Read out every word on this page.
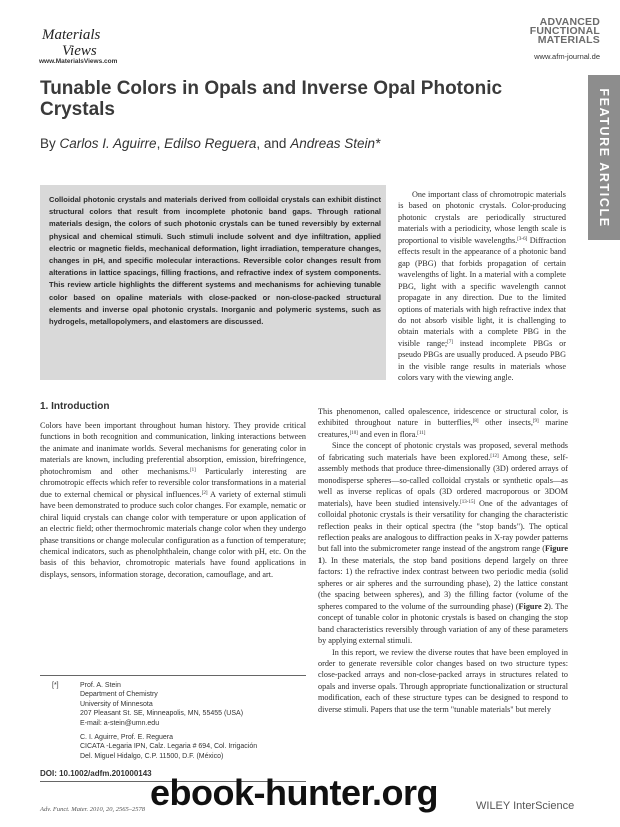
Materials
Views
www.MaterialsViews.com
ADVANCED
FUNCTIONAL
MATERIALS
www.afm-journal.de
FEATURE ARTICLE
Tunable Colors in Opals and Inverse Opal Photonic Crystals
By Carlos I. Aguirre, Edilso Reguera, and Andreas Stein*
Colloidal photonic crystals and materials derived from colloidal crystals can exhibit distinct structural colors that result from incomplete photonic band gaps. Through rational materials design, the colors of such photonic crystals can be tuned reversibly by external physical and chemical stimuli. Such stimuli include solvent and dye infiltration, applied electric or magnetic fields, mechanical deformation, light irradiation, temperature changes, changes in pH, and specific molecular interactions. Reversible color changes result from alterations in lattice spacings, filling fractions, and refractive index of system components. This review article highlights the different systems and mechanisms for achieving tunable color based on opaline materials with close-packed or non-close-packed structural elements and inverse opal photonic crystals. Inorganic and polymeric systems, such as hydrogels, metallopolymers, and elastomers are discussed.
One important class of chromotropic materials is based on photonic crystals. Color-producing photonic crystals are periodically structured materials with a periodicity, whose length scale is proportional to visible wavelengths.[3-6] Diffraction effects result in the appearance of a photonic band gap (PBG) that forbids propagation of certain wavelengths of light. In a material with a complete PBG, light with a specific wavelength cannot propagate in any direction. Due to the limited options of materials with high refractive index that do not absorb visible light, it is challenging to obtain materials with a complete PBG in the visible range;[7] instead incomplete PBGs or pseudo PBGs are usually produced. A pseudo PBG in the visible range results in materials whose colors vary with the viewing angle.
1. Introduction
Colors have been important throughout human history. They provide critical functions in both recognition and communication, linking interactions between the animate and inanimate worlds. Several mechanisms for generating color in materials are known, including preferential absorption, emission, birefringence, photochromism and other mechanisms.[1] Particularly interesting are chromotropic effects which refer to reversible color transformations in a material due to external chemical or physical influences.[2] A variety of external stimuli have been demonstrated to produce such color changes. For example, nematic or chiral liquid crystals can change color with temperature or upon application of an electric field; other thermochromic materials change color when they undergo phase transitions or change molecular configuration as a function of temperature; chemical indicators, such as phenolphthalein, change color with pH, etc. On the basis of this behavior, chromotropic materials have found applications in displays, sensors, information storage, decoration, camouflage, and art.
This phenomenon, called opalescence, iridescence or structural color, is exhibited throughout nature in butterflies,[8] other insects,[9] marine creatures,[10] and even in flora.[11]
Since the concept of photonic crystals was proposed, several methods of fabricating such materials have been explored.[12] Among these, self-assembly methods that produce three-dimensionally (3D) ordered arrays of monodisperse spheres—so-called colloidal crystals or synthetic opals—as well as inverse replicas of opals (3D ordered macroporous or 3DOM materials), have been studied intensively.[13-15] One of the advantages of colloidal photonic crystals is their versatility for changing the characteristic reflection peaks in their optical spectra (the "stop bands"). The optical reflection peaks are analogous to diffraction peaks in X-ray powder patterns but fall into the submicrometer range instead of the angstrom range (Figure 1). In these materials, the stop band positions depend largely on three factors: 1) the refractive index contrast between two periodic media (solid spheres or air spheres and the surrounding phase), 2) the lattice constant (the spacing between spheres), and 3) the filling factor (volume of the spheres compared to the volume of the surrounding phase) (Figure 2). The concept of tunable color in photonic crystals is based on changing the stop band characteristics reversibly through variation of any of these parameters by applying external stimuli.
In this report, we review the diverse routes that have been employed in order to generate reversible color changes based on two structure types: close-packed arrays and non-close-packed arrays in structures related to opals and inverse opals. Through appropriate functionalization or structural modification, each of these structure types can be designed to respond to diverse stimuli. Papers that use the term "tunable materials" but merely
[*]	Prof. A. Stein
Department of Chemistry
University of Minnesota
207 Pleasant St. SE, Minneapolis, MN, 55455 (USA)
E-mail: a-stein@umn.edu
C. I. Aguirre, Prof. E. Reguera
CICATA -Legaria IPN, Calz. Legaria # 694, Col. Irrigación
Del. Miguel Hidalgo, C.P. 11500, D.F. (México)
DOI: 10.1002/adfm.201000143
Adv. Funct. Mater. 2010, 20, 2565–2578 ebook-hunter.org	WILEY InterScience
